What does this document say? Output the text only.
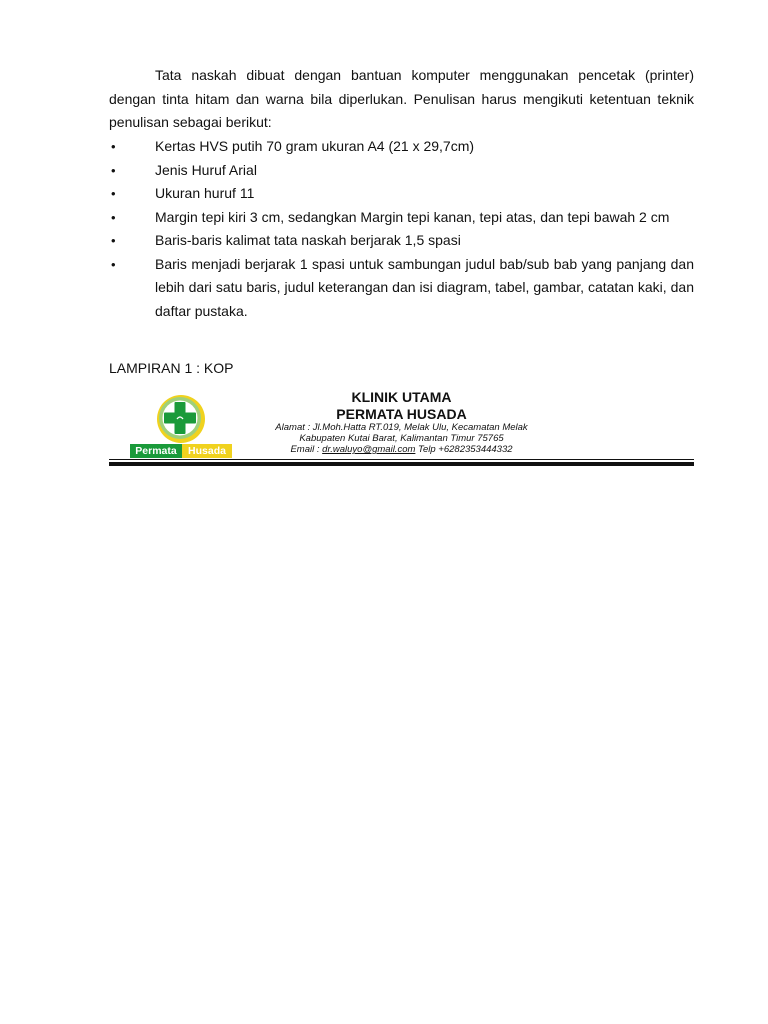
Tata naskah dibuat dengan bantuan komputer menggunakan pencetak (printer) dengan tinta hitam dan warna bila diperlukan. Penulisan harus mengikuti ketentuan teknik penulisan sebagai berikut:

•	Kertas HVS putih 70 gram ukuran A4 (21 x 29,7cm)
•	Jenis Huruf Arial
•	Ukuran huruf 11
•	Margin tepi kiri 3 cm, sedangkan Margin tepi kanan, tepi atas, dan tepi bawah 2 cm
•	Baris-baris kalimat tata naskah berjarak 1,5 spasi
•	Baris menjadi berjarak 1 spasi untuk sambungan judul bab/sub bab yang panjang dan lebih dari satu baris, judul keterangan dan isi diagram, tabel, gambar, catatan kaki, dan daftar pustaka.

LAMPIRAN 1 : KOP

Permata	Husada

KLINIK UTAMA

PERMATA HUSADA

Alamat : Jl.Moh.Hatta RT.019, Melak Ulu, Kecamatan Melak

Kabupaten Kutai Barat, Kalimantan Timur 75765

Email : dr.waluyo@gmail.com Telp +6282353444332
